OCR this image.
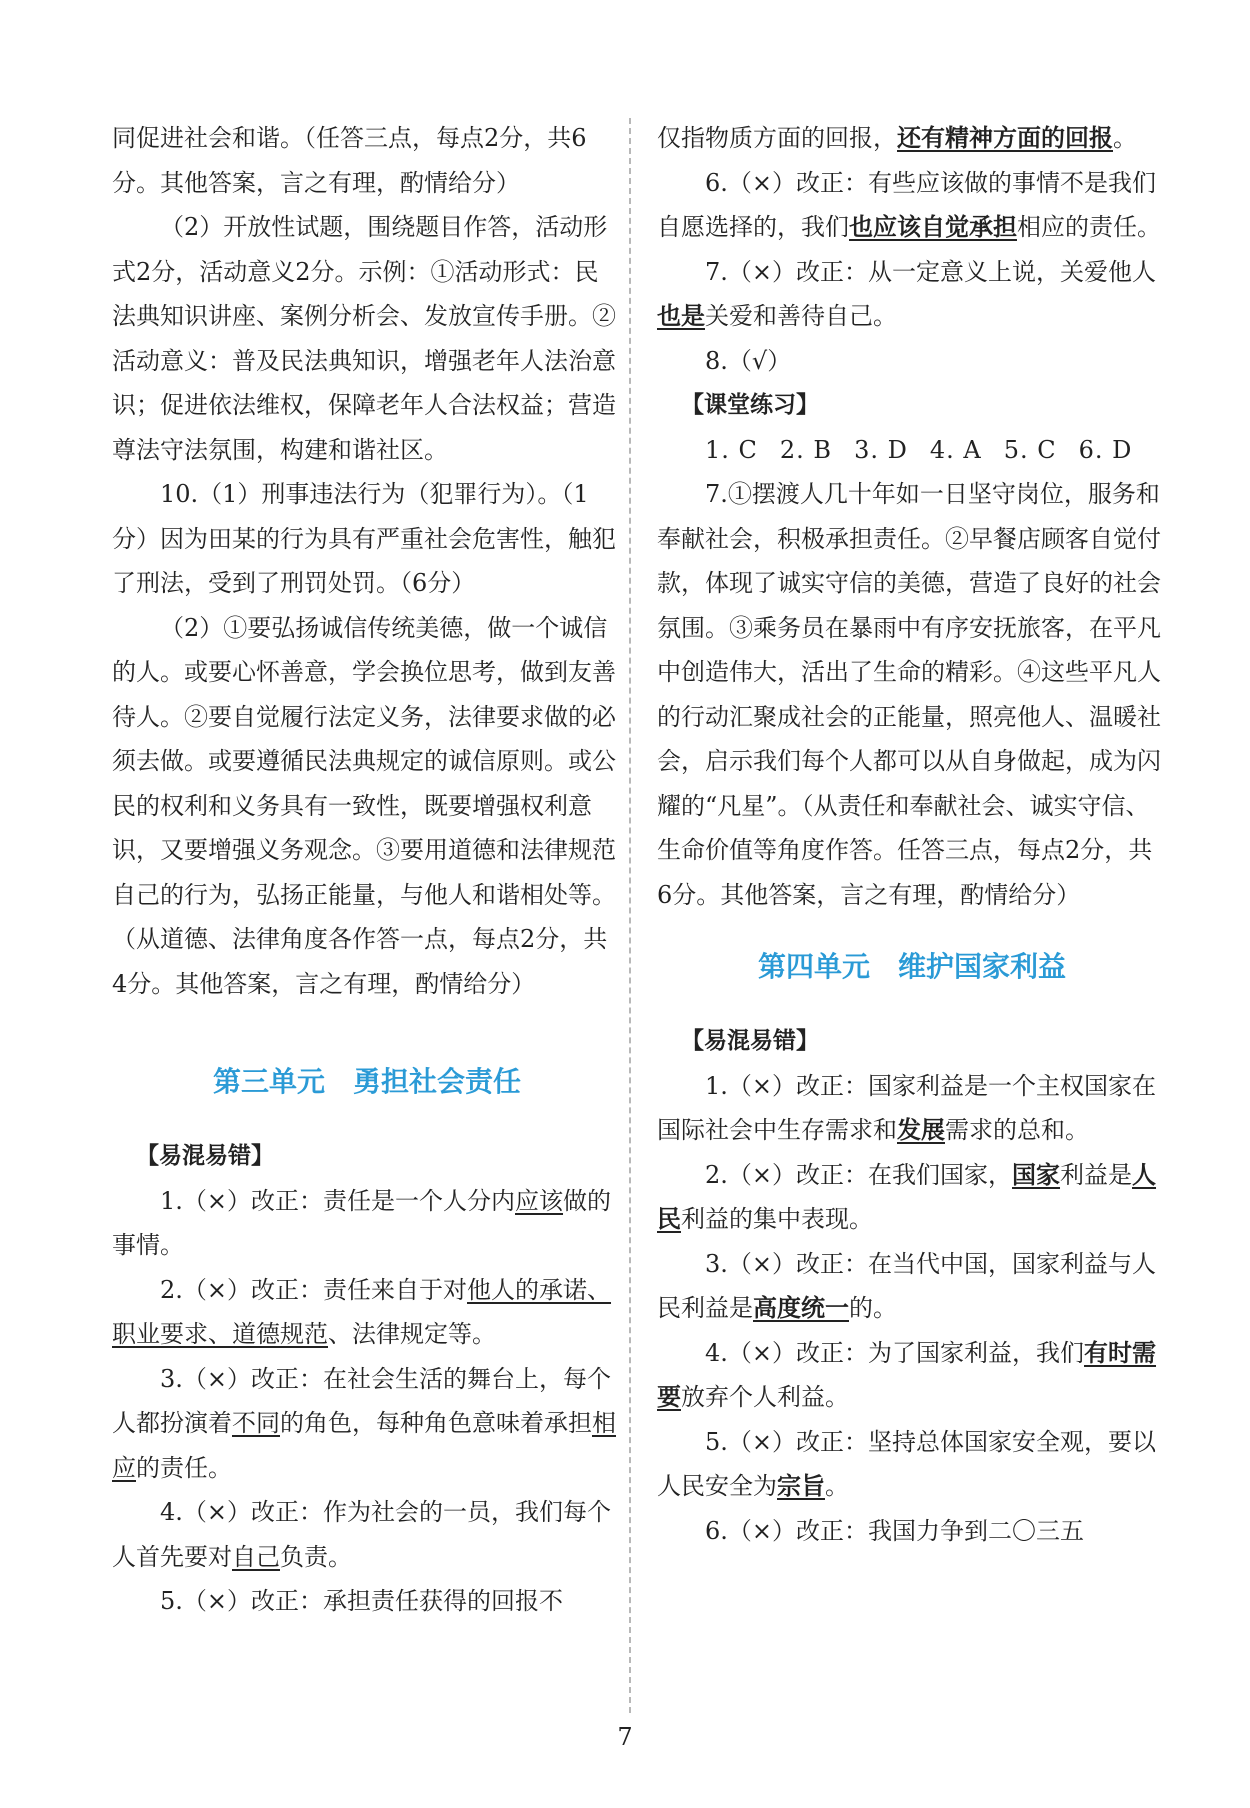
同促进社会和谐。（任答三点，每点2分，共6分。其他答案，言之有理，酌情给分）

（2）开放性试题，围绕题目作答，活动形式2分，活动意义2分。示例：①活动形式：民法典知识讲座、案例分析会、发放宣传手册。②活动意义：普及民法典知识，增强老年人法治意识；促进依法维权，保障老年人合法权益；营造尊法守法氛围，构建和谐社区。

10.（1）刑事违法行为（犯罪行为）。（1分）因为田某的行为具有严重社会危害性，触犯了刑法，受到了刑罚处罚。（6分）

（2）①要弘扬诚信传统美德，做一个诚信的人。或要心怀善意，学会换位思考，做到友善待人。②要自觉履行法定义务，法律要求做的必须去做。或要遵循民法典规定的诚信原则。或公民的权利和义务具有一致性，既要增强权利意识，又要增强义务观念。③要用道德和法律规范自己的行为，弘扬正能量，与他人和谐相处等。（从道德、法律角度各作答一点，每点2分，共4分。其他答案，言之有理，酌情给分）

第三单元　勇担社会责任

【易混易错】

1.（×）改正：责任是一个人分内应该做的事情。

2.（×）改正：责任来自于对他人的承诺、职业要求、道德规范、法律规定等。

3.（×）改正：在社会生活的舞台上，每个人都扮演着不同的角色，每种角色意味着承担相应的责任。

4.（×）改正：作为社会的一员，我们每个人首先要对自己负责。

5.（×）改正：承担责任获得的回报不

仅指物质方面的回报，还有精神方面的回报。

6.（×）改正：有些应该做的事情不是我们自愿选择的，我们也应该自觉承担相应的责任。

7.（×）改正：从一定意义上说，关爱他人也是关爱和善待自己。

8.（√）

【课堂练习】

1. C 2. B 3. D 4. A 5. C 6. D

7.①摆渡人几十年如一日坚守岗位，服务和奉献社会，积极承担责任。②早餐店顾客自觉付款，体现了诚实守信的美德，营造了良好的社会氛围。③乘务员在暴雨中有序安抚旅客，在平凡中创造伟大，活出了生命的精彩。④这些平凡人的行动汇聚成社会的正能量，照亮他人、温暖社会，启示我们每个人都可以从自身做起，成为闪耀的“凡星”。（从责任和奉献社会、诚实守信、生命价值等角度作答。任答三点，每点2分，共6分。其他答案，言之有理，酌情给分）

第四单元　维护国家利益

【易混易错】

1.（×）改正：国家利益是一个主权国家在国际社会中生存需求和发展需求的总和。

2.（×）改正：在我们国家，国家利益是人民利益的集中表现。

3.（×）改正：在当代中国，国家利益与人民利益是高度统一的。

4.（×）改正：为了国家利益，我们有时需要放弃个人利益。

5.（×）改正：坚持总体国家安全观，要以人民安全为宗旨。

6.（×）改正：我国力争到二〇三五

7
